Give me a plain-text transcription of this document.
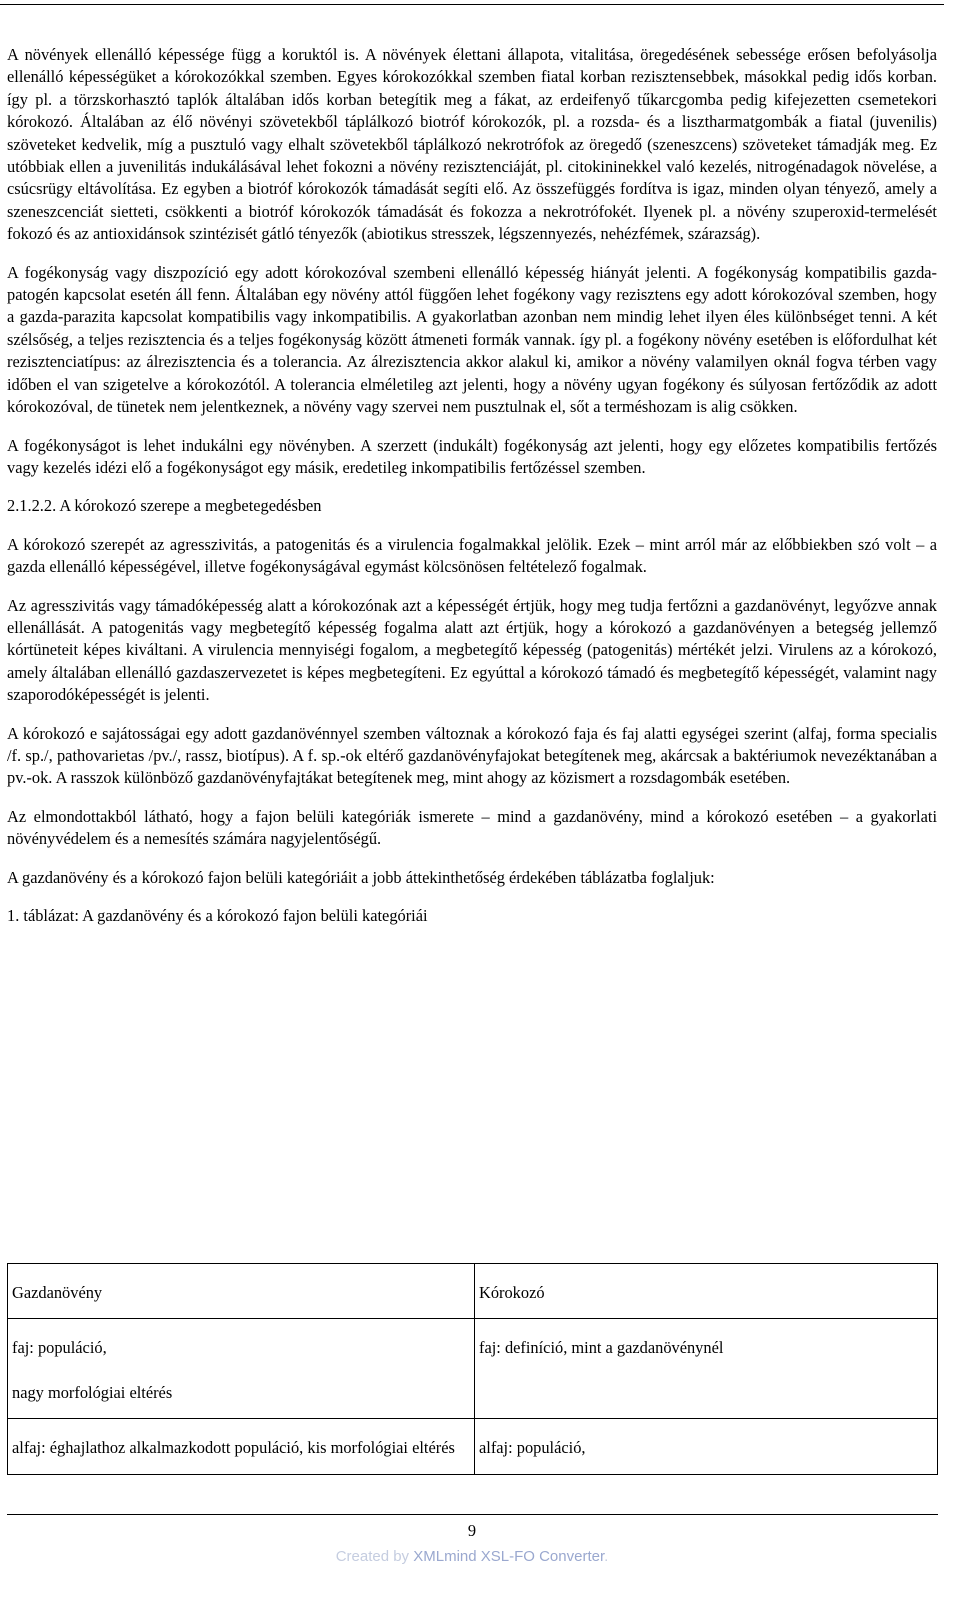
A növények ellenálló képessége függ a koruktól is. A növények élettani állapota, vitalitása, öregedésének sebessége erősen befolyásolja ellenálló képességüket a kórokozókkal szemben. Egyes kórokozókkal szemben fiatal korban rezisztensebbek, másokkal pedig idős korban. így pl. a törzskorhasztó taplók általában idős korban betegítik meg a fákat, az erdeifenyő tűkarcgomba pedig kifejezetten csemetekori kórokozó. Általában az élő növényi szövetekből táplálkozó biotróf kórokozók, pl. a rozsda- és a lisztharmatgombák a fiatal (juvenilis) szöveteket kedvelik, míg a pusztuló vagy elhalt szövetekből táplálkozó nekrotrófok az öregedő (szeneszcens) szöveteket támadják meg. Ez utóbbiak ellen a juvenilitás indukálásával lehet fokozni a növény rezisztenciáját, pl. citokininekkel való kezelés, nitrogénadagok növelése, a csúcsrügy eltávolítása. Ez egyben a biotróf kórokozók támadását segíti elő. Az összefüggés fordítva is igaz, minden olyan tényező, amely a szeneszcenciát sietteti, csökkenti a biotróf kórokozók támadását és fokozza a nekrotrófokét. Ilyenek pl. a növény szuperoxid-termelését fokozó és az antioxidánsok szintézisét gátló tényezők (abiotikus stresszek, légszennyezés, nehézfémek, szárazság).

A fogékonyság vagy diszpozíció egy adott kórokozóval szembeni ellenálló képesség hiányát jelenti. A fogékonyság kompatibilis gazda-patogén kapcsolat esetén áll fenn. Általában egy növény attól függően lehet fogékony vagy rezisztens egy adott kórokozóval szemben, hogy a gazda-parazita kapcsolat kompatibilis vagy inkompatibilis. A gyakorlatban azonban nem mindig lehet ilyen éles különbséget tenni. A két szélsőség, a teljes rezisztencia és a teljes fogékonyság között átmeneti formák vannak. így pl. a fogékony növény esetében is előfordulhat két rezisztenciatípus: az álrezisztencia és a tolerancia. Az álrezisztencia akkor alakul ki, amikor a növény valamilyen oknál fogva térben vagy időben el van szigetelve a kórokozótól. A tolerancia elméletileg azt jelenti, hogy a növény ugyan fogékony és súlyosan fertőződik az adott kórokozóval, de tünetek nem jelentkeznek, a növény vagy szervei nem pusztulnak el, sőt a terméshozam is alig csökken.

A fogékonyságot is lehet indukálni egy növényben. A szerzett (indukált) fogékonyság azt jelenti, hogy egy előzetes kompatibilis fertőzés vagy kezelés idézi elő a fogékonyságot egy másik, eredetileg inkompatibilis fertőzéssel szemben.

2.1.2.2. A kórokozó szerepe a megbetegedésben

A kórokozó szerepét az agresszivitás, a patogenitás és a virulencia fogalmakkal jelölik. Ezek – mint arról már az előbbiekben szó volt – a gazda ellenálló képességével, illetve fogékonyságával egymást kölcsönösen feltételező fogalmak.

Az agresszivitás vagy támadóképesség alatt a kórokozónak azt a képességét értjük, hogy meg tudja fertőzni a gazdanövényt, legyőzve annak ellenállását. A patogenitás vagy megbetegítő képesség fogalma alatt azt értjük, hogy a kórokozó a gazdanövényen a betegség jellemző kórtüneteit képes kiváltani. A virulencia mennyiségi fogalom, a megbetegítő képesség (patogenitás) mértékét jelzi. Virulens az a kórokozó, amely általában ellenálló gazdaszervezetet is képes megbetegíteni. Ez egyúttal a kórokozó támadó és megbetegítő képességét, valamint nagy szaporodóképességét is jelenti.

A kórokozó e sajátosságai egy adott gazdanövénnyel szemben változnak a kórokozó faja és faj alatti egységei szerint (alfaj, forma specialis /f. sp./, pathovarietas /pv./, rassz, biotípus). A f. sp.-ok eltérő gazdanövényfajokat betegítenek meg, akárcsak a baktériumok nevezéktanában a pv.-ok. A rasszok különböző gazdanövényfajtákat betegítenek meg, mint ahogy az közismert a rozsdagombák esetében.

Az elmondottakból látható, hogy a fajon belüli kategóriák ismerete – mind a gazdanövény, mind a kórokozó esetében – a gyakorlati növényvédelem és a nemesítés számára nagyjelentőségű.

A gazdanövény és a kórokozó fajon belüli kategóriáit a jobb áttekinthetőség érdekében táblázatba foglaljuk:

1. táblázat: A gazdanövény és a kórokozó fajon belüli kategóriái

Gazdanövény	Kórokozó
faj: populáció,
nagy morfológiai eltérés	faj: definíció, mint a gazdanövénynél
alfaj: éghajlathoz alkalmazkodott populáció, kis morfológiai eltérés	alfaj: populáció,
9
Created by XMLmind XSL-FO Converter.
